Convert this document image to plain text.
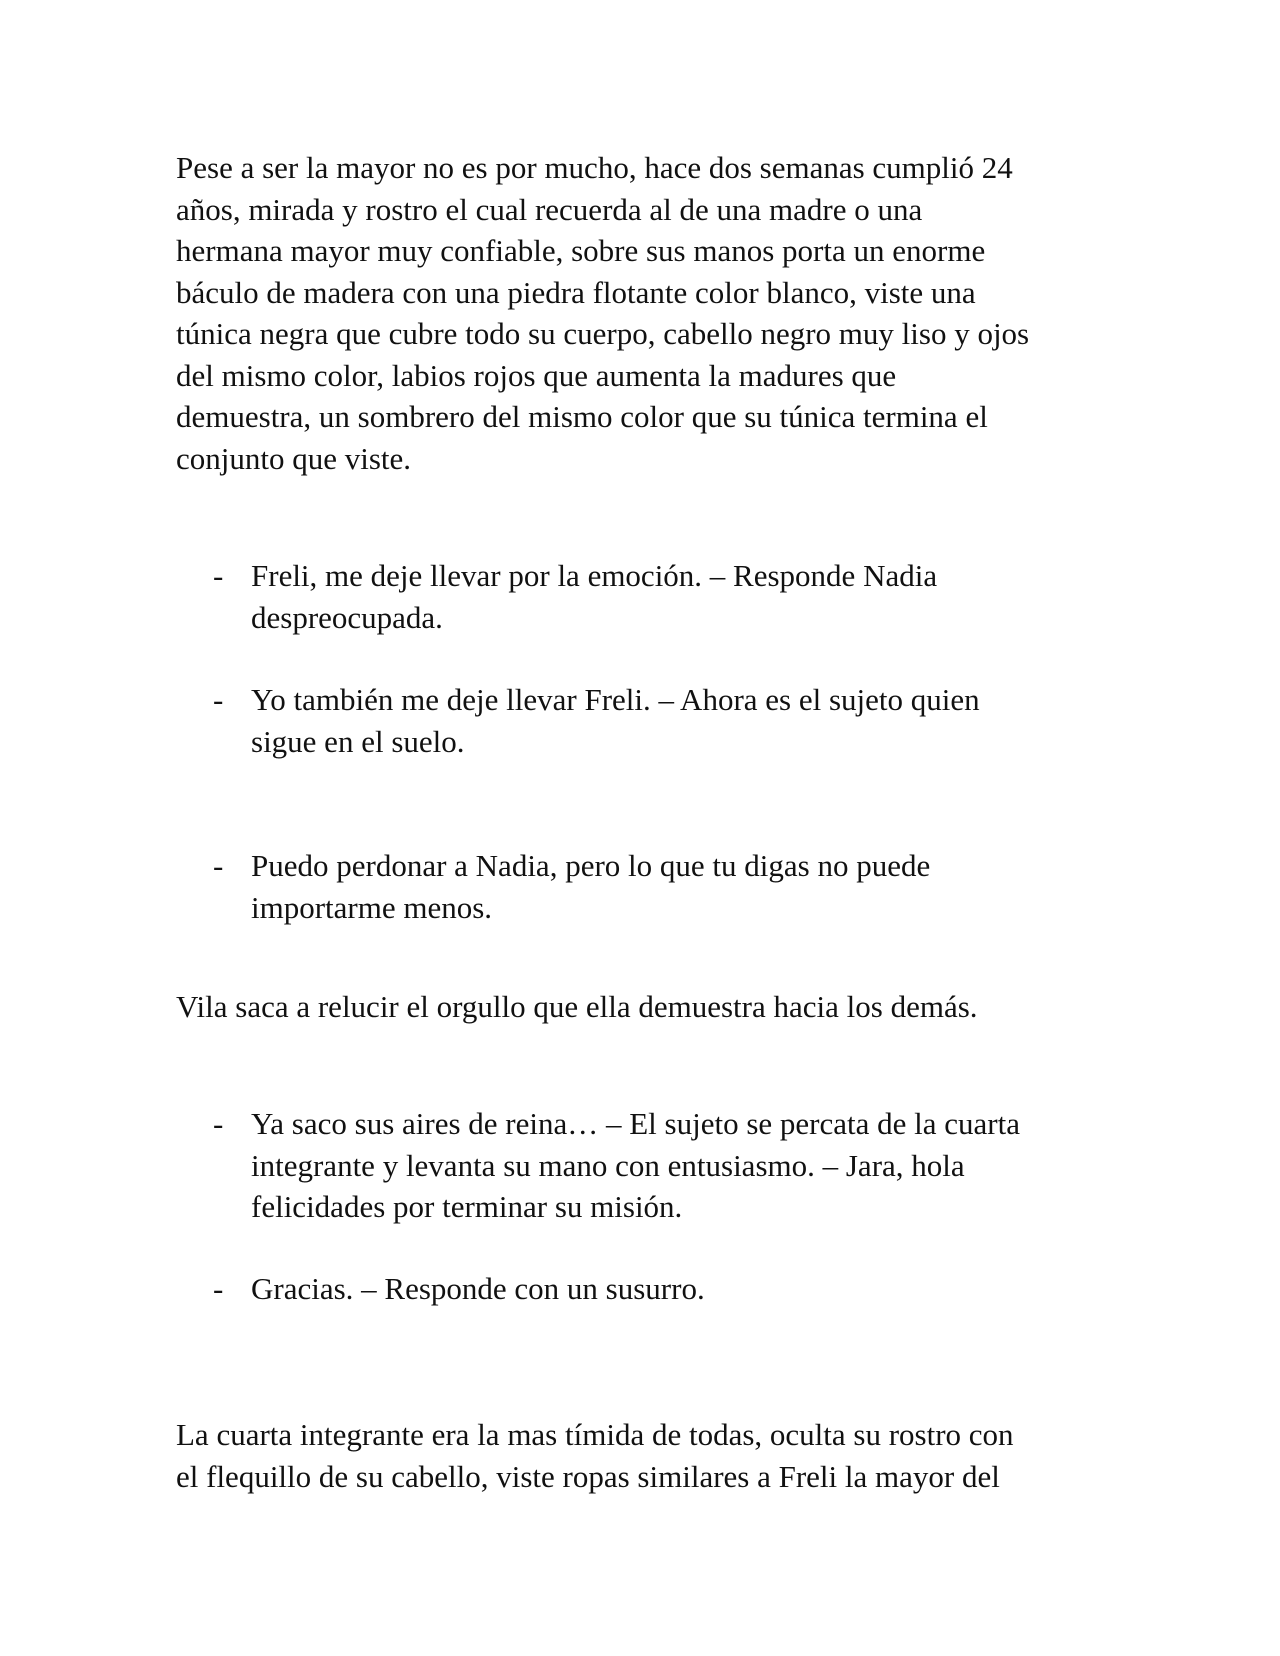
Pese a ser la mayor no es por mucho, hace dos semanas cumplió 24
años, mirada y rostro el cual recuerda al de una madre o una
hermana mayor muy confiable, sobre sus manos porta un enorme
báculo de madera con una piedra flotante color blanco, viste una
túnica negra que cubre todo su cuerpo, cabello negro muy liso y ojos
del mismo color, labios rojos que aumenta la madures que
demuestra, un sombrero del mismo color que su túnica termina el
conjunto que viste.
- Freli, me deje llevar por la emoción. – Responde Nadia
despreocupada.
- Yo también me deje llevar Freli. – Ahora es el sujeto quien
sigue en el suelo.
- Puedo perdonar a Nadia, pero lo que tu digas no puede
importarme menos.
Vila saca a relucir el orgullo que ella demuestra hacia los demás.
- Ya saco sus aires de reina… – El sujeto se percata de la cuarta
integrante y levanta su mano con entusiasmo. – Jara, hola
felicidades por terminar su misión.
- Gracias. – Responde con un susurro.
La cuarta integrante era la mas tímida de todas, oculta su rostro con
el flequillo de su cabello, viste ropas similares a Freli la mayor del
